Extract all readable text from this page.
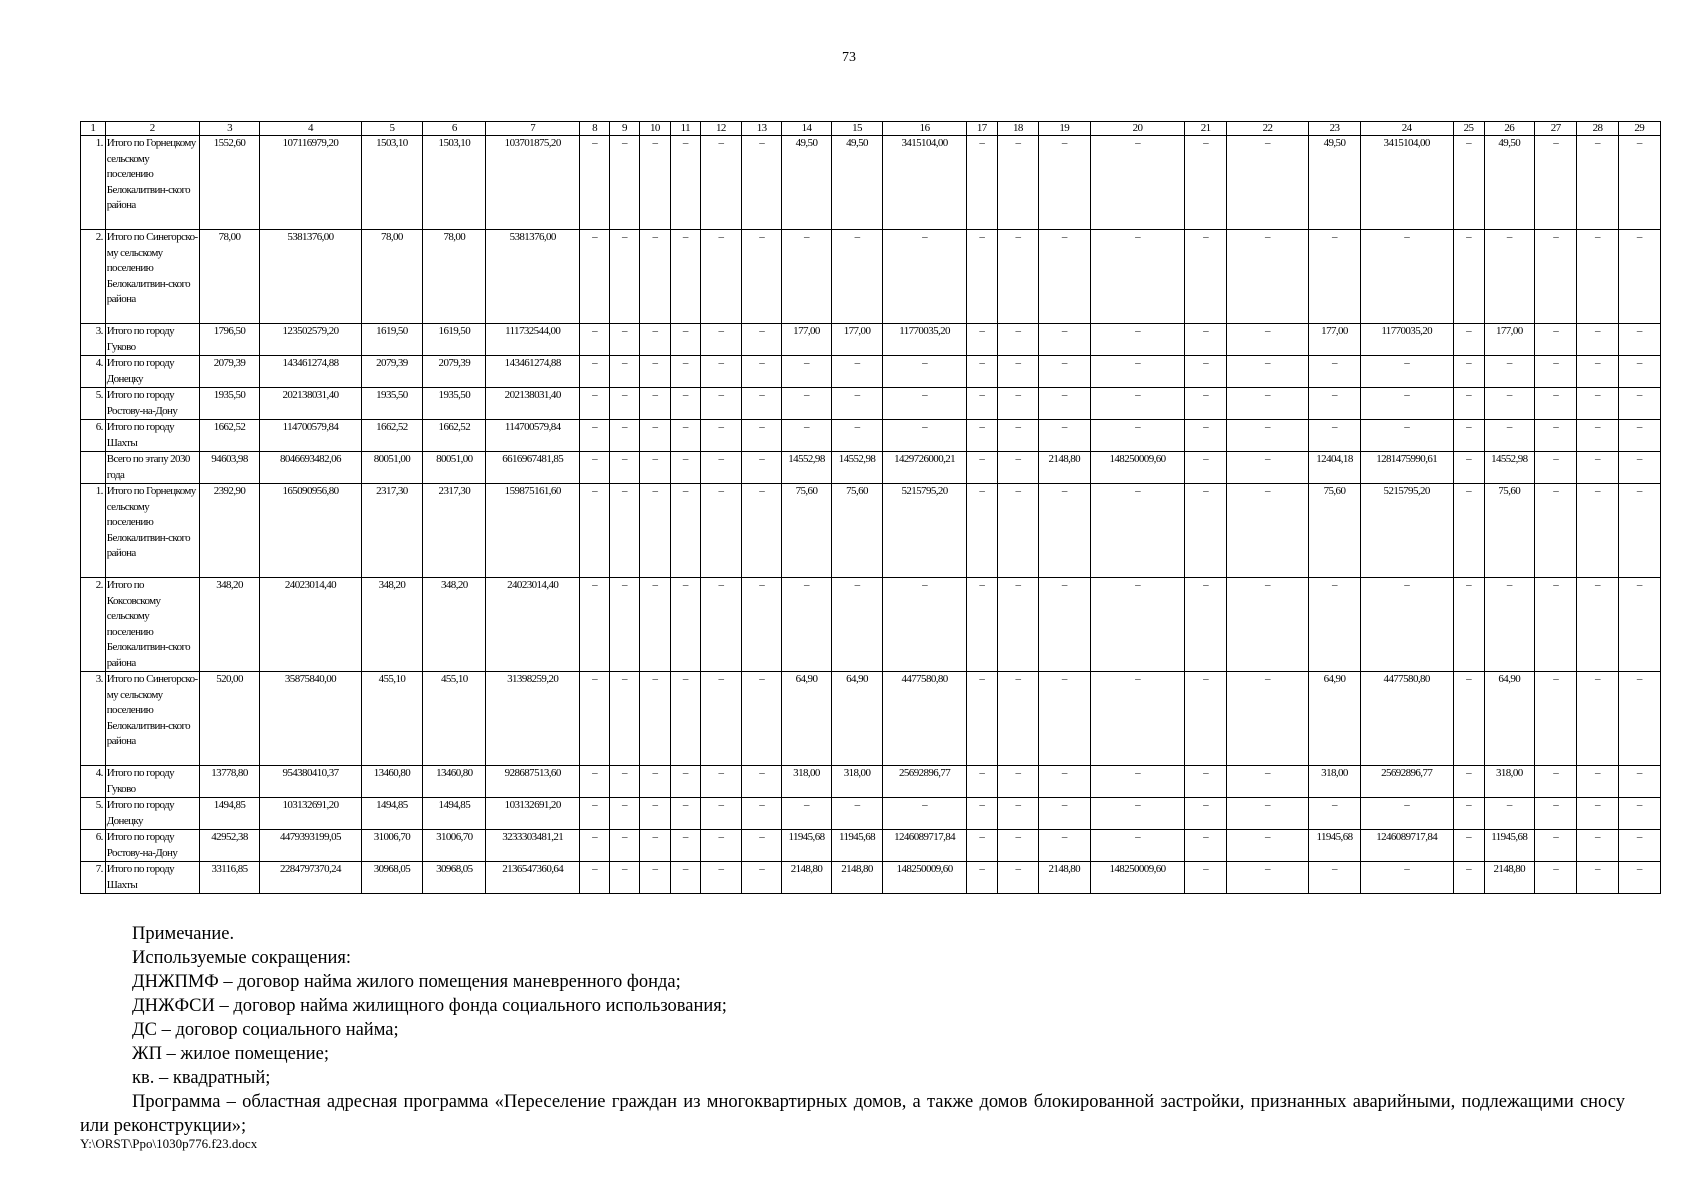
73
1	2	3	4	5	6	7	8	9	10	11	12	13	14	15	16	17	18	19	20	21	22	23	24	25	26	27	28	29
1.	Итого по Горнецкому сельскому поселению Белокалитвин-ского района	1552,60	107116979,20	1503,10	1503,10	103701875,20	–	–	–	–	–	–	49,50	49,50	3415104,00	–	–	–	–	–	–	49,50	3415104,00	–	49,50	–	–	–
2.	Итого по Синегорско-му сельскому поселению Белокалитвин-ского района	78,00	5381376,00	78,00	78,00	5381376,00	–	–	–	–	–	–	–	–	–	–	–	–	–	–	–	–	–	–	–	–	–	–
3.	Итого по городу Гуково	1796,50	123502579,20	1619,50	1619,50	111732544,00	–	–	–	–	–	–	177,00	177,00	11770035,20	–	–	–	–	–	–	177,00	11770035,20	–	177,00	–	–	–
4.	Итого по городу Донецку	2079,39	143461274,88	2079,39	2079,39	143461274,88	–	–	–	–	–	–	–	–	–	–	–	–	–	–	–	–	–	–	–	–	–	–
5.	Итого по городу Ростову-на-Дону	1935,50	202138031,40	1935,50	1935,50	202138031,40	–	–	–	–	–	–	–	–	–	–	–	–	–	–	–	–	–	–	–	–	–	–
6.	Итого по городу Шахты	1662,52	114700579,84	1662,52	1662,52	114700579,84	–	–	–	–	–	–	–	–	–	–	–	–	–	–	–	–	–	–	–	–	–	–
	Всего по этапу 2030 года	94603,98	8046693482,06	80051,00	80051,00	6616967481,85	–	–	–	–	–	–	14552,98	14552,98	1429726000,21	–	–	2148,80	148250009,60	–	–	12404,18	1281475990,61	–	14552,98	–	–	–
1.	Итого по Горнецкому сельскому поселению Белокалитвин-ского района	2392,90	165090956,80	2317,30	2317,30	159875161,60	–	–	–	–	–	–	75,60	75,60	5215795,20	–	–	–	–	–	–	75,60	5215795,20	–	75,60	–	–	–
2.	Итого по Коксовскому сельскому поселению Белокалитвин-ского района	348,20	24023014,40	348,20	348,20	24023014,40	–	–	–	–	–	–	–	–	–	–	–	–	–	–	–	–	–	–	–	–	–	–
3.	Итого по Синегорско-му сельскому поселению Белокалитвин-ского района	520,00	35875840,00	455,10	455,10	31398259,20	–	–	–	–	–	–	64,90	64,90	4477580,80	–	–	–	–	–	–	64,90	4477580,80	–	64,90	–	–	–
4.	Итого по городу Гуково	13778,80	954380410,37	13460,80	13460,80	928687513,60	–	–	–	–	–	–	318,00	318,00	25692896,77	–	–	–	–	–	–	318,00	25692896,77	–	318,00	–	–	–
5.	Итого по городу Донецку	1494,85	103132691,20	1494,85	1494,85	103132691,20	–	–	–	–	–	–	–	–	–	–	–	–	–	–	–	–	–	–	–	–	–	–
6.	Итого по городу Ростову-на-Дону	42952,38	4479393199,05	31006,70	31006,70	3233303481,21	–	–	–	–	–	–	11945,68	11945,68	1246089717,84	–	–	–	–	–	–	11945,68	1246089717,84	–	11945,68	–	–	–
7.	Итого по городу Шахты	33116,85	2284797370,24	30968,05	30968,05	2136547360,64	–	–	–	–	–	–	2148,80	2148,80	148250009,60	–	–	2148,80	148250009,60	–	–	–	–	–	2148,80	–	–	–
Примечание.
Используемые сокращения:
ДНЖПМФ – договор найма жилого помещения маневренного фонда;
ДНЖФСИ – договор найма жилищного фонда социального использования;
ДС – договор социального найма;
ЖП – жилое помещение;
кв. – квадратный;
Программа – областная адресная программа «Переселение граждан из многоквартирных домов, а также домов блокированной застройки, признанных аварийными, подлежащими сносу или реконструкции»;
Y:\ORST\Ppo\1030p776.f23.docx
